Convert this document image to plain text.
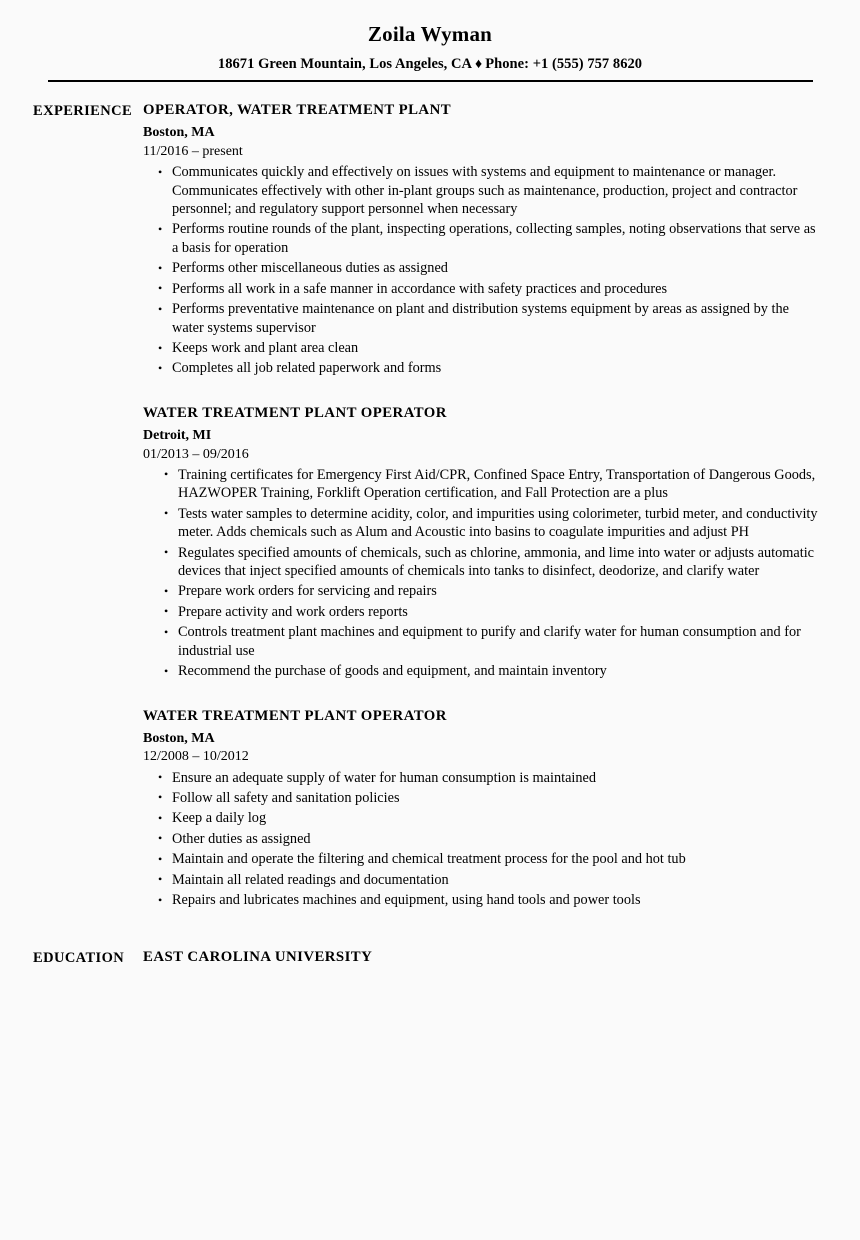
Zoila Wyman
18671 Green Mountain, Los Angeles, CA ♦ Phone: +1 (555) 757 8620
EXPERIENCE OPERATOR, WATER TREATMENT PLANT
Boston, MA
11/2016 – present
• Communicates quickly and effectively on issues with systems and equipment to maintenance or manager. Communicates effectively with other in-plant groups such as maintenance, production, project and contractor personnel; and regulatory support personnel when necessary
• Performs routine rounds of the plant, inspecting operations, collecting samples, noting observations that serve as a basis for operation
• Performs other miscellaneous duties as assigned
• Performs all work in a safe manner in accordance with safety practices and procedures
• Performs preventative maintenance on plant and distribution systems equipment by areas as assigned by the water systems supervisor
• Keeps work and plant area clean
• Completes all job related paperwork and forms
WATER TREATMENT PLANT OPERATOR
Detroit, MI
01/2013 – 09/2016
• Training certificates for Emergency First Aid/CPR, Confined Space Entry, Transportation of Dangerous Goods, HAZWOPER Training, Forklift Operation certification, and Fall Protection are a plus
• Tests water samples to determine acidity, color, and impurities using colorimeter, turbid meter, and conductivity meter. Adds chemicals such as Alum and Acoustic into basins to coagulate impurities and adjust PH
• Regulates specified amounts of chemicals, such as chlorine, ammonia, and lime into water or adjusts automatic devices that inject specified amounts of chemicals into tanks to disinfect, deodorize, and clarify water
• Prepare work orders for servicing and repairs
• Prepare activity and work orders reports
• Controls treatment plant machines and equipment to purify and clarify water for human consumption and for industrial use
• Recommend the purchase of goods and equipment, and maintain inventory
WATER TREATMENT PLANT OPERATOR
Boston, MA
12/2008 – 10/2012
• Ensure an adequate supply of water for human consumption is maintained
• Follow all safety and sanitation policies
• Keep a daily log
• Other duties as assigned
• Maintain and operate the filtering and chemical treatment process for the pool and hot tub
• Maintain all related readings and documentation
• Repairs and lubricates machines and equipment, using hand tools and power tools
EDUCATION	EAST CAROLINA UNIVERSITY
